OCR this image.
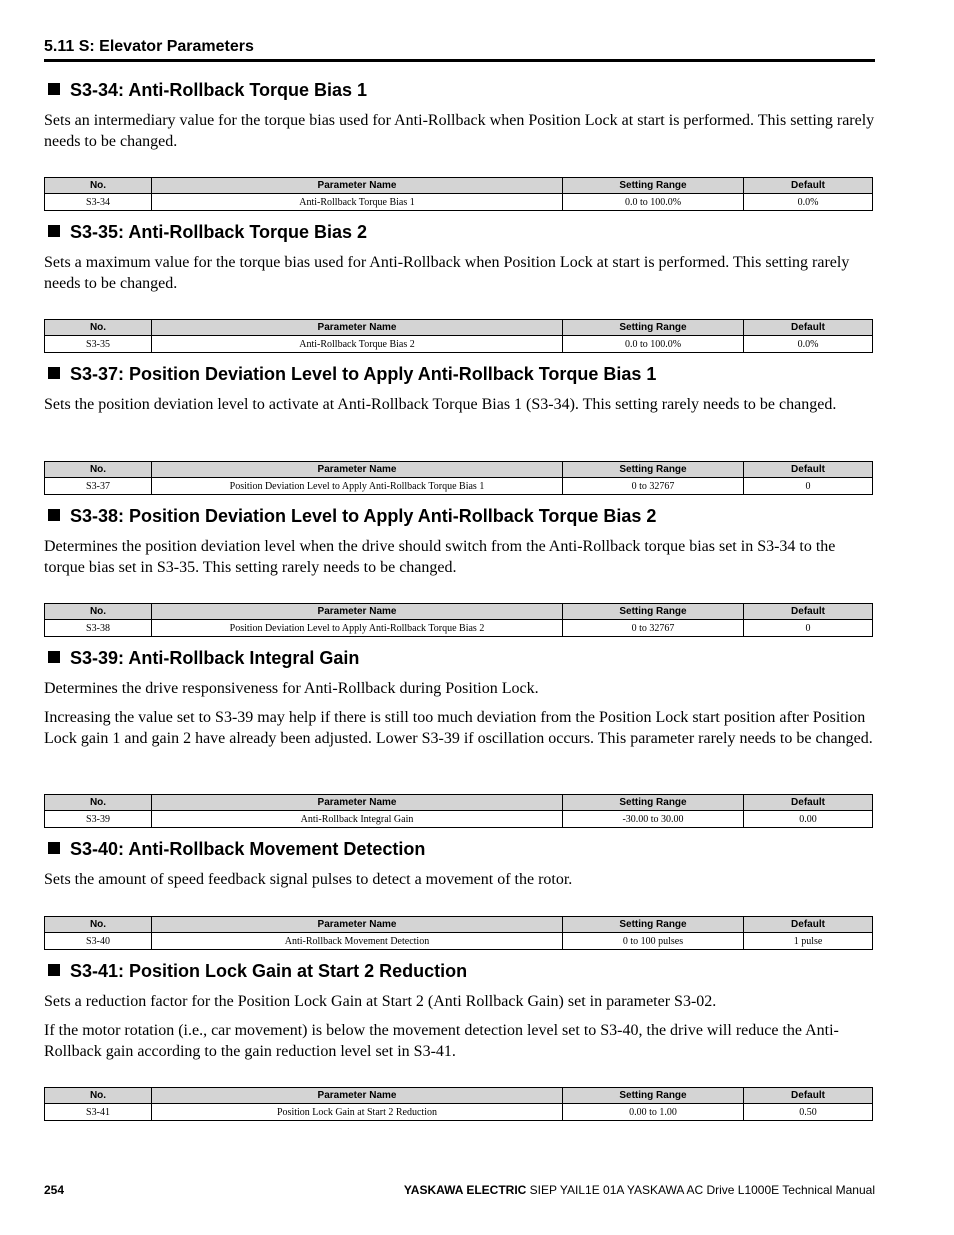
5.11 S: Elevator Parameters
S3-34: Anti-Rollback Torque Bias 1
Sets an intermediary value for the torque bias used for Anti-Rollback when Position Lock at start is performed. This setting rarely needs to be changed.
No.	Parameter Name	Setting Range	Default
S3-34	Anti-Rollback Torque Bias 1	0.0 to 100.0%	0.0%
S3-35: Anti-Rollback Torque Bias 2
Sets a maximum value for the torque bias used for Anti-Rollback when Position Lock at start is performed. This setting rarely needs to be changed.
No.	Parameter Name	Setting Range	Default
S3-35	Anti-Rollback Torque Bias 2	0.0 to 100.0%	0.0%
S3-37: Position Deviation Level to Apply Anti-Rollback Torque Bias 1
Sets the position deviation level to activate at Anti-Rollback Torque Bias 1 (S3-34). This setting rarely needs to be changed.
No.	Parameter Name	Setting Range	Default
S3-37	Position Deviation Level to Apply Anti-Rollback Torque Bias 1	0 to 32767	0
S3-38: Position Deviation Level to Apply Anti-Rollback Torque Bias 2
Determines the position deviation level when the drive should switch from the Anti-Rollback torque bias set in S3-34 to the torque bias set in S3-35. This setting rarely needs to be changed.
No.	Parameter Name	Setting Range	Default
S3-38	Position Deviation Level to Apply Anti-Rollback Torque Bias 2	0 to 32767	0
S3-39: Anti-Rollback Integral Gain
Determines the drive responsiveness for Anti-Rollback during Position Lock.
Increasing the value set to S3-39 may help if there is still too much deviation from the Position Lock start position after Position Lock gain 1 and gain 2 have already been adjusted. Lower S3-39 if oscillation occurs. This parameter rarely needs to be changed.
No.	Parameter Name	Setting Range	Default
S3-39	Anti-Rollback Integral Gain	-30.00 to 30.00	0.00
S3-40: Anti-Rollback Movement Detection
Sets the amount of speed feedback signal pulses to detect a movement of the rotor.
No.	Parameter Name	Setting Range	Default
S3-40	Anti-Rollback Movement Detection	0 to 100 pulses	1 pulse
S3-41: Position Lock Gain at Start 2 Reduction
Sets a reduction factor for the Position Lock Gain at Start 2 (Anti Rollback Gain) set in parameter S3-02.
If the motor rotation (i.e., car movement) is below the movement detection level set to S3-40, the drive will reduce the Anti-Rollback gain according to the gain reduction level set in S3-41.
No.	Parameter Name	Setting Range	Default
S3-41	Position Lock Gain at Start 2 Reduction	0.00 to 1.00	0.50
254	YASKAWA ELECTRIC SIEP YAIL1E 01A YASKAWA AC Drive L1000E Technical Manual
